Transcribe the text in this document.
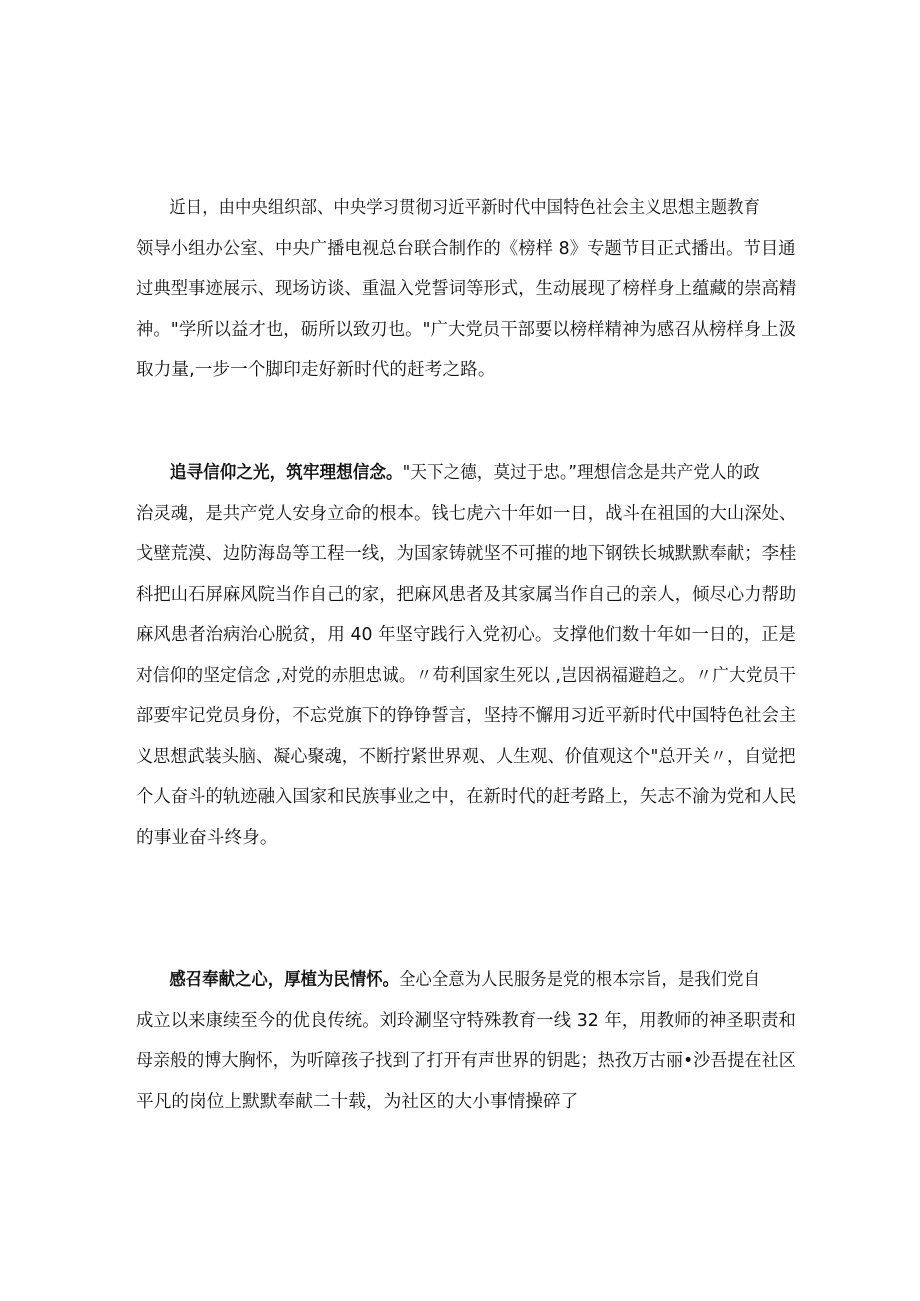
近日，由中央组织部、中央学习贯彻习近平新时代中国特色社会主义思想主题教育
领导小组办公室、中央广播电视总台联合制作的《榜样 8》专题节目正式播出。节目通
过典型事迹展示、现场访谈、重温入党誓词等形式，生动展现了榜样身上蕴藏的崇高精
神。"学所以益才也，砺所以致刃也。"广大党员干部要以榜样精神为感召从榜样身上汲
取力量,一步一个脚印走好新时代的赶考之路。

追寻信仰之光，筑牢理想信念。"天下之德，莫过于忠。”理想信念是共产党人的政
治灵魂，是共产党人安身立命的根本。钱七虎六十年如一日，战斗在祖国的大山深处、
戈壁荒漠、边防海岛等工程一线，为国家铸就坚不可摧的地下钢铁长城默默奉献；李桂
科把山石屏麻风院当作自己的家，把麻风患者及其家属当作自己的亲人，倾尽心力帮助
麻风患者治病治心脱贫，用 40 年坚守践行入党初心。支撑他们数十年如一日的，正是
对信仰的坚定信念 ,对党的赤胆忠诚。〃苟利国家生死以 ,岂因祸福避趋之。〃广大党员干
部要牢记党员身份，不忘党旗下的铮铮誓言，坚持不懈用习近平新时代中国特色社会主
义思想武装头脑、凝心聚魂，不断拧紧世界观、人生观、价值观这个"总开关〃，自觉把
个人奋斗的轨迹融入国家和民族事业之中，在新时代的赶考路上，矢志不渝为党和人民
的事业奋斗终身。

感召奉献之心，厚植为民情怀。全心全意为人民服务是党的根本宗旨，是我们党自
成立以来康续至今的优良传统。刘玲涮坚守特殊教育一线 32 年，用教师的神圣职责和
母亲般的博大胸怀，为听障孩子找到了打开有声世界的钥匙；热孜万古丽•沙吾提在社区
平凡的岗位上默默奉献二十载，为社区的大小事情操碎了
